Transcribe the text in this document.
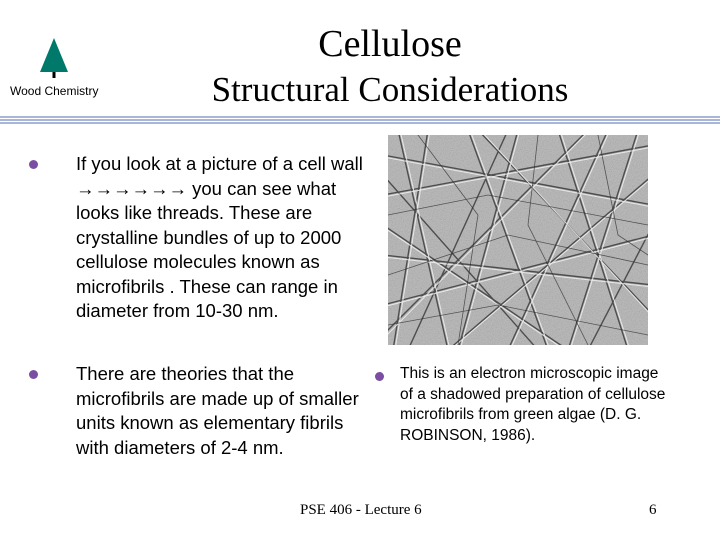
Wood Chemistry
Cellulose
Structural Considerations
If you look at a picture of a cell wall →→→→→→ you can see what looks like threads. These are crystalline bundles of up to 2000 cellulose molecules known as microfibrils . These can range in diameter from 10-30 nm.
There are theories that the microfibrils are made up of smaller units known as elementary fibrils with diameters of 2-4 nm.
This is an electron microscopic image of a shadowed preparation of cellulose microfibrils from green algae (D. G. ROBINSON, 1986).
PSE 406 - Lecture 6	6
